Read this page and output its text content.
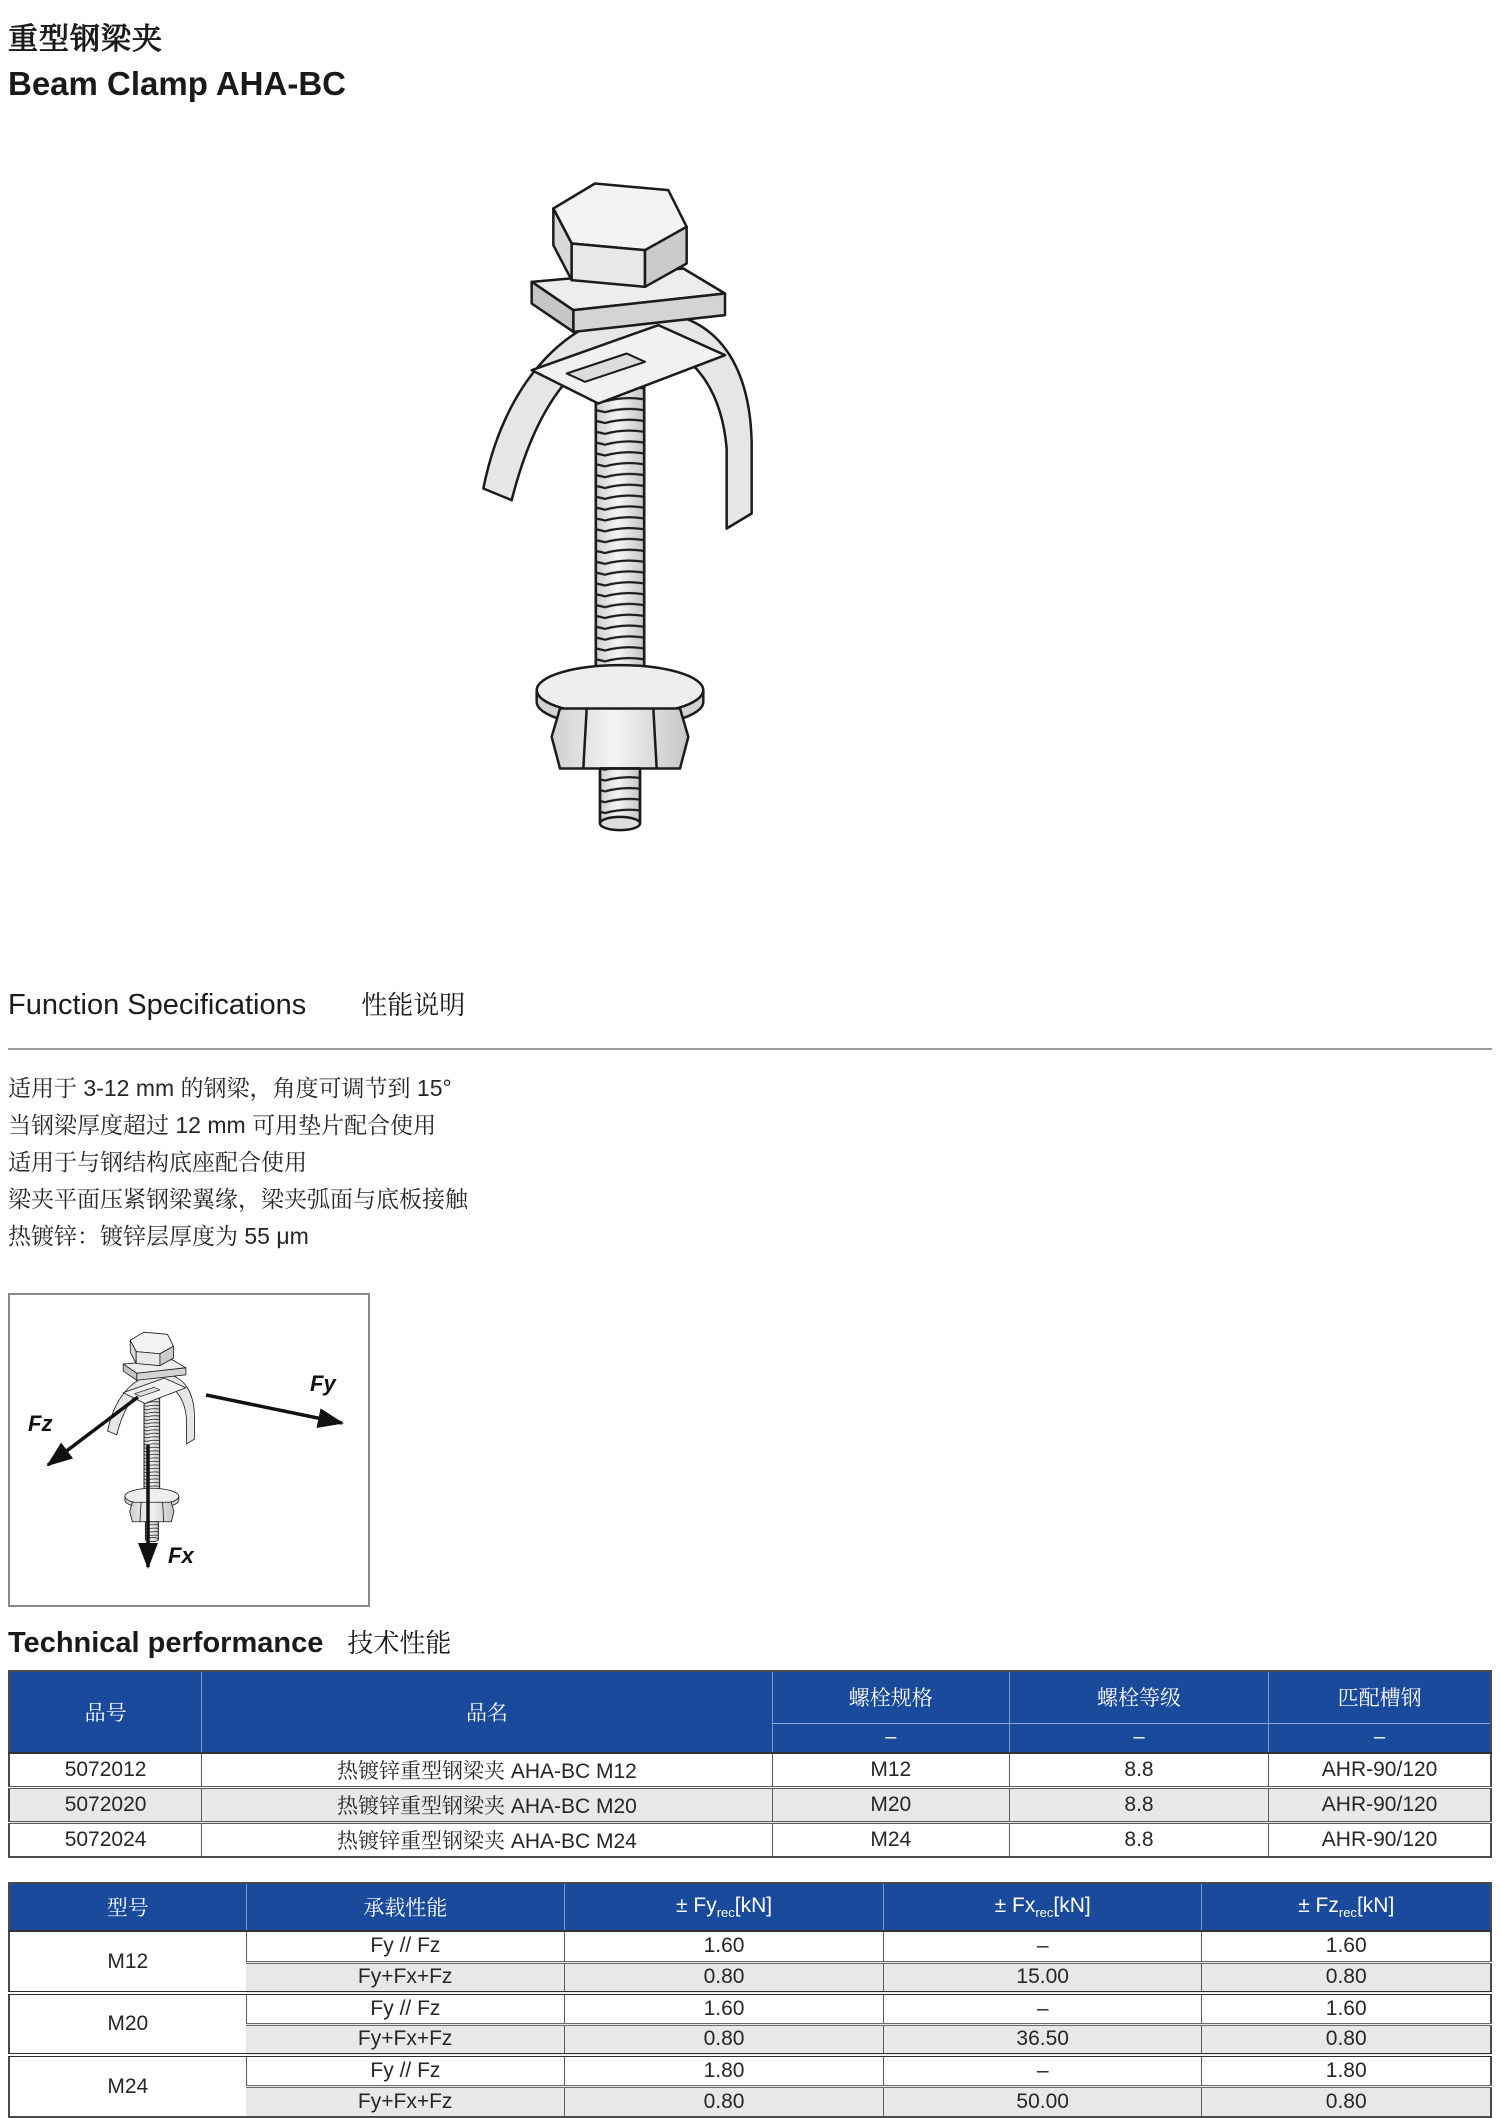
重型钢梁夹
Beam Clamp AHA-BC
Function Specifications 性能说明
适用于 3-12 mm 的钢梁，角度可调节到 15°
当钢梁厚度超过 12 mm 可用垫片配合使用
适用于与钢结构底座配合使用
梁夹平面压紧钢梁翼缘，梁夹弧面与底板接触
热镀锌：镀锌层厚度为 55 μm
Fy
Fz
Fx
Technical performance 技术性能
品号	品名	螺栓规格	螺栓等级	匹配槽钢
		–	–	–
5072012	热镀锌重型钢梁夹 AHA-BC M12	M12	8.8	AHR-90/120
5072020	热镀锌重型钢梁夹 AHA-BC M20	M20	8.8	AHR-90/120
5072024	热镀锌重型钢梁夹 AHA-BC M24	M24	8.8	AHR-90/120
型号	承载性能	± $Fy_{rec}[kN]$	± $Fx_{rec}[kN]$	± $Fz_{rec}[kN]$
M12	Fy // Fz	1.60	–	1.60
	Fy+Fx+Fz	0.80	15.00	0.80
M20	Fy // Fz	1.60	–	1.60
	Fy+Fx+Fz	0.80	36.50	0.80
M24	Fy // Fz	1.80	–	1.80
	Fy+Fx+Fz	0.80	50.00	0.80
